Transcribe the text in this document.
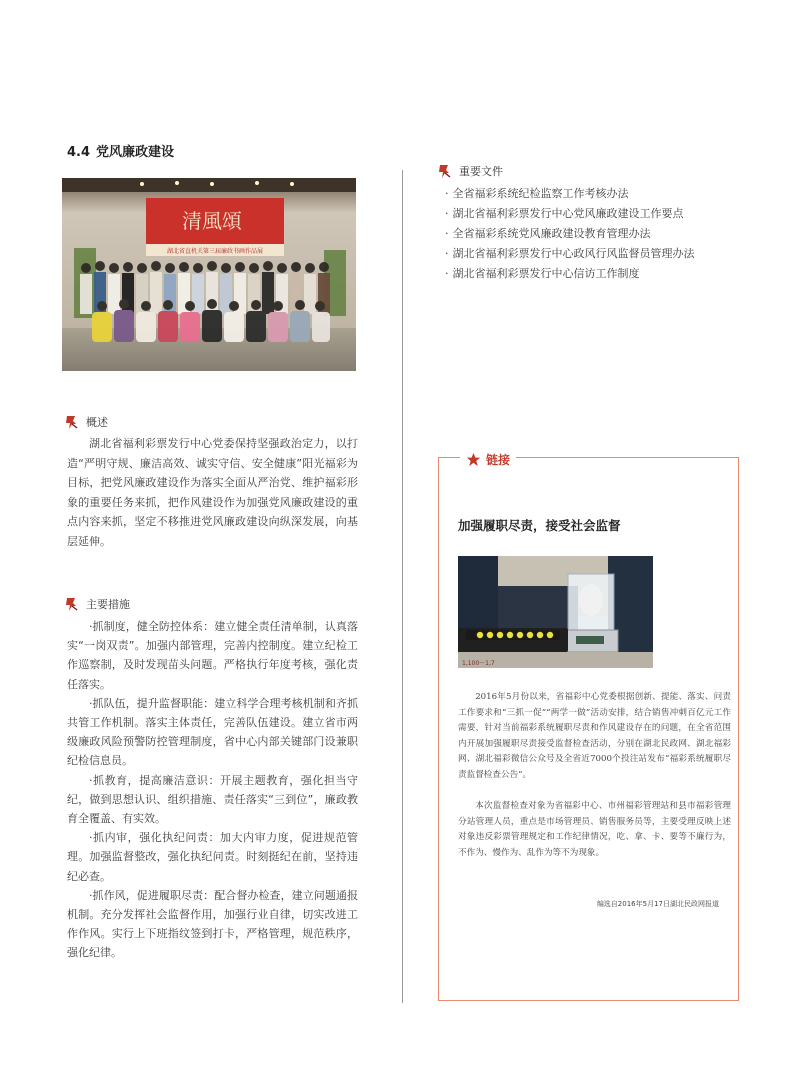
4.4 党风廉政建设
清風頌
湖北省直机关第三届廉政书画作品展
概述

湖北省福利彩票发行中心党委保持坚强政治定力，以打造“严明守规、廉洁高效、诚实守信、安全健康”阳光福彩为目标，把党风廉政建设作为落实全面从严治党、维护福彩形象的重要任务来抓，把作风建设作为加强党风廉政建设的重点内容来抓，坚定不移推进党风廉政建设向纵深发展，向基层延伸。

主要措施

·抓制度，健全防控体系：建立健全责任清单制，认真落实“一岗双责”。加强内部管理，完善内控制度。建立纪检工作巡察制，及时发现苗头问题。严格执行年度考核，强化责任落实。

·抓队伍，提升监督职能：建立科学合理考核机制和齐抓共管工作机制。落实主体责任，完善队伍建设。建立省市两级廉政风险预警防控管理制度，省中心内部关键部门设兼职纪检信息员。

·抓教育，提高廉洁意识：开展主题教育，强化担当守纪，做到思想认识、组织措施、责任落实“三到位”，廉政教育全覆盖、有实效。

·抓内审，强化执纪问责：加大内审力度，促进规范管理。加强监督整改，强化执纪问责。时刻挺纪在前，坚持违纪必查。

·抓作风，促进履职尽责：配合督办检查，建立问题通报机制。充分发挥社会监督作用，加强行业自律，切实改进工作作风。实行上下班指纹签到打卡，严格管理，规范秩序，强化纪律。

重要文件
· 全省福彩系统纪检监察工作考核办法
· 湖北省福利彩票发行中心党风廉政建设工作要点
· 全省福彩系统党风廉政建设教育管理办法
· 湖北省福利彩票发行中心政风行风监督员管理办法
· 湖北省福利彩票发行中心信访工作制度
链接
加强履职尽责，接受社会监督
1,100～1,7

2016年5月份以来，省福彩中心党委根据创新、提能、落实、问责工作要求和“三抓一促”“两学一做”活动安排，结合销售冲刺百亿元工作需要，针对当前福彩系统履职尽责和作风建设存在的问题，在全省范围内开展加强履职尽责接受监督检查活动，分别在湖北民政网、湖北福彩网、湖北福彩微信公众号及全省近7000个投注站发布“福彩系统履职尽责监督检查公告”。

本次监督检查对象为省福彩中心、市州福彩管理站和县市福彩管理分站管理人员，重点是市场管理员、销售服务员等，主要受理反映上述对象违反彩票管理规定和工作纪律情况，吃、拿、卡、要等不廉行为，不作为、慢作为、乱作为等不为现象。

编选自2016年5月17日湖北民政网报道
